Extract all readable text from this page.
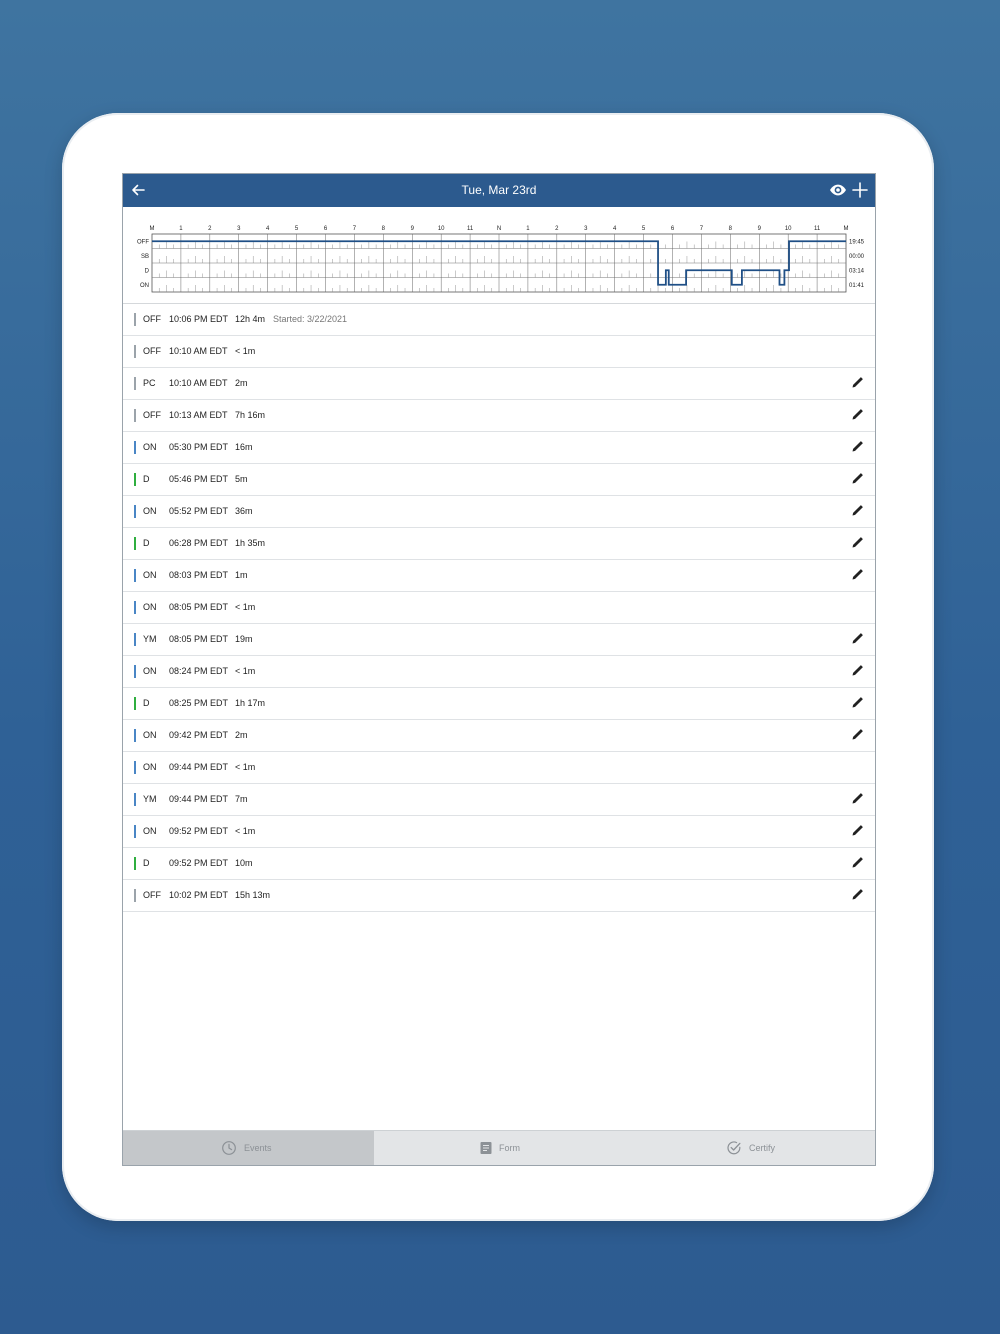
Tue, Mar 23rd
M	1	2	3	4	5	6	7	8	9	10	11	N	1	2	3	4	5	6	7	8	9	10	11	M
OFF	19:45
SB	00:00
D	03:14
ON	01:41
OFF 10:06 PM EDT 12h 4m Started: 3/22/2021
OFF 10:10 AM EDT < 1m
PC 10:10 AM EDT 2m
OFF 10:13 AM EDT 7h 16m
ON 05:30 PM EDT 16m
D 05:46 PM EDT 5m
ON 05:52 PM EDT 36m
D 06:28 PM EDT 1h 35m
ON 08:03 PM EDT 1m
ON 08:05 PM EDT < 1m
YM 08:05 PM EDT 19m
ON 08:24 PM EDT < 1m
D 08:25 PM EDT 1h 17m
ON 09:42 PM EDT 2m
ON 09:44 PM EDT < 1m
YM 09:44 PM EDT 7m
ON 09:52 PM EDT < 1m
D 09:52 PM EDT 10m
OFF 10:02 PM EDT 15h 13m
Events	Form	Certify
